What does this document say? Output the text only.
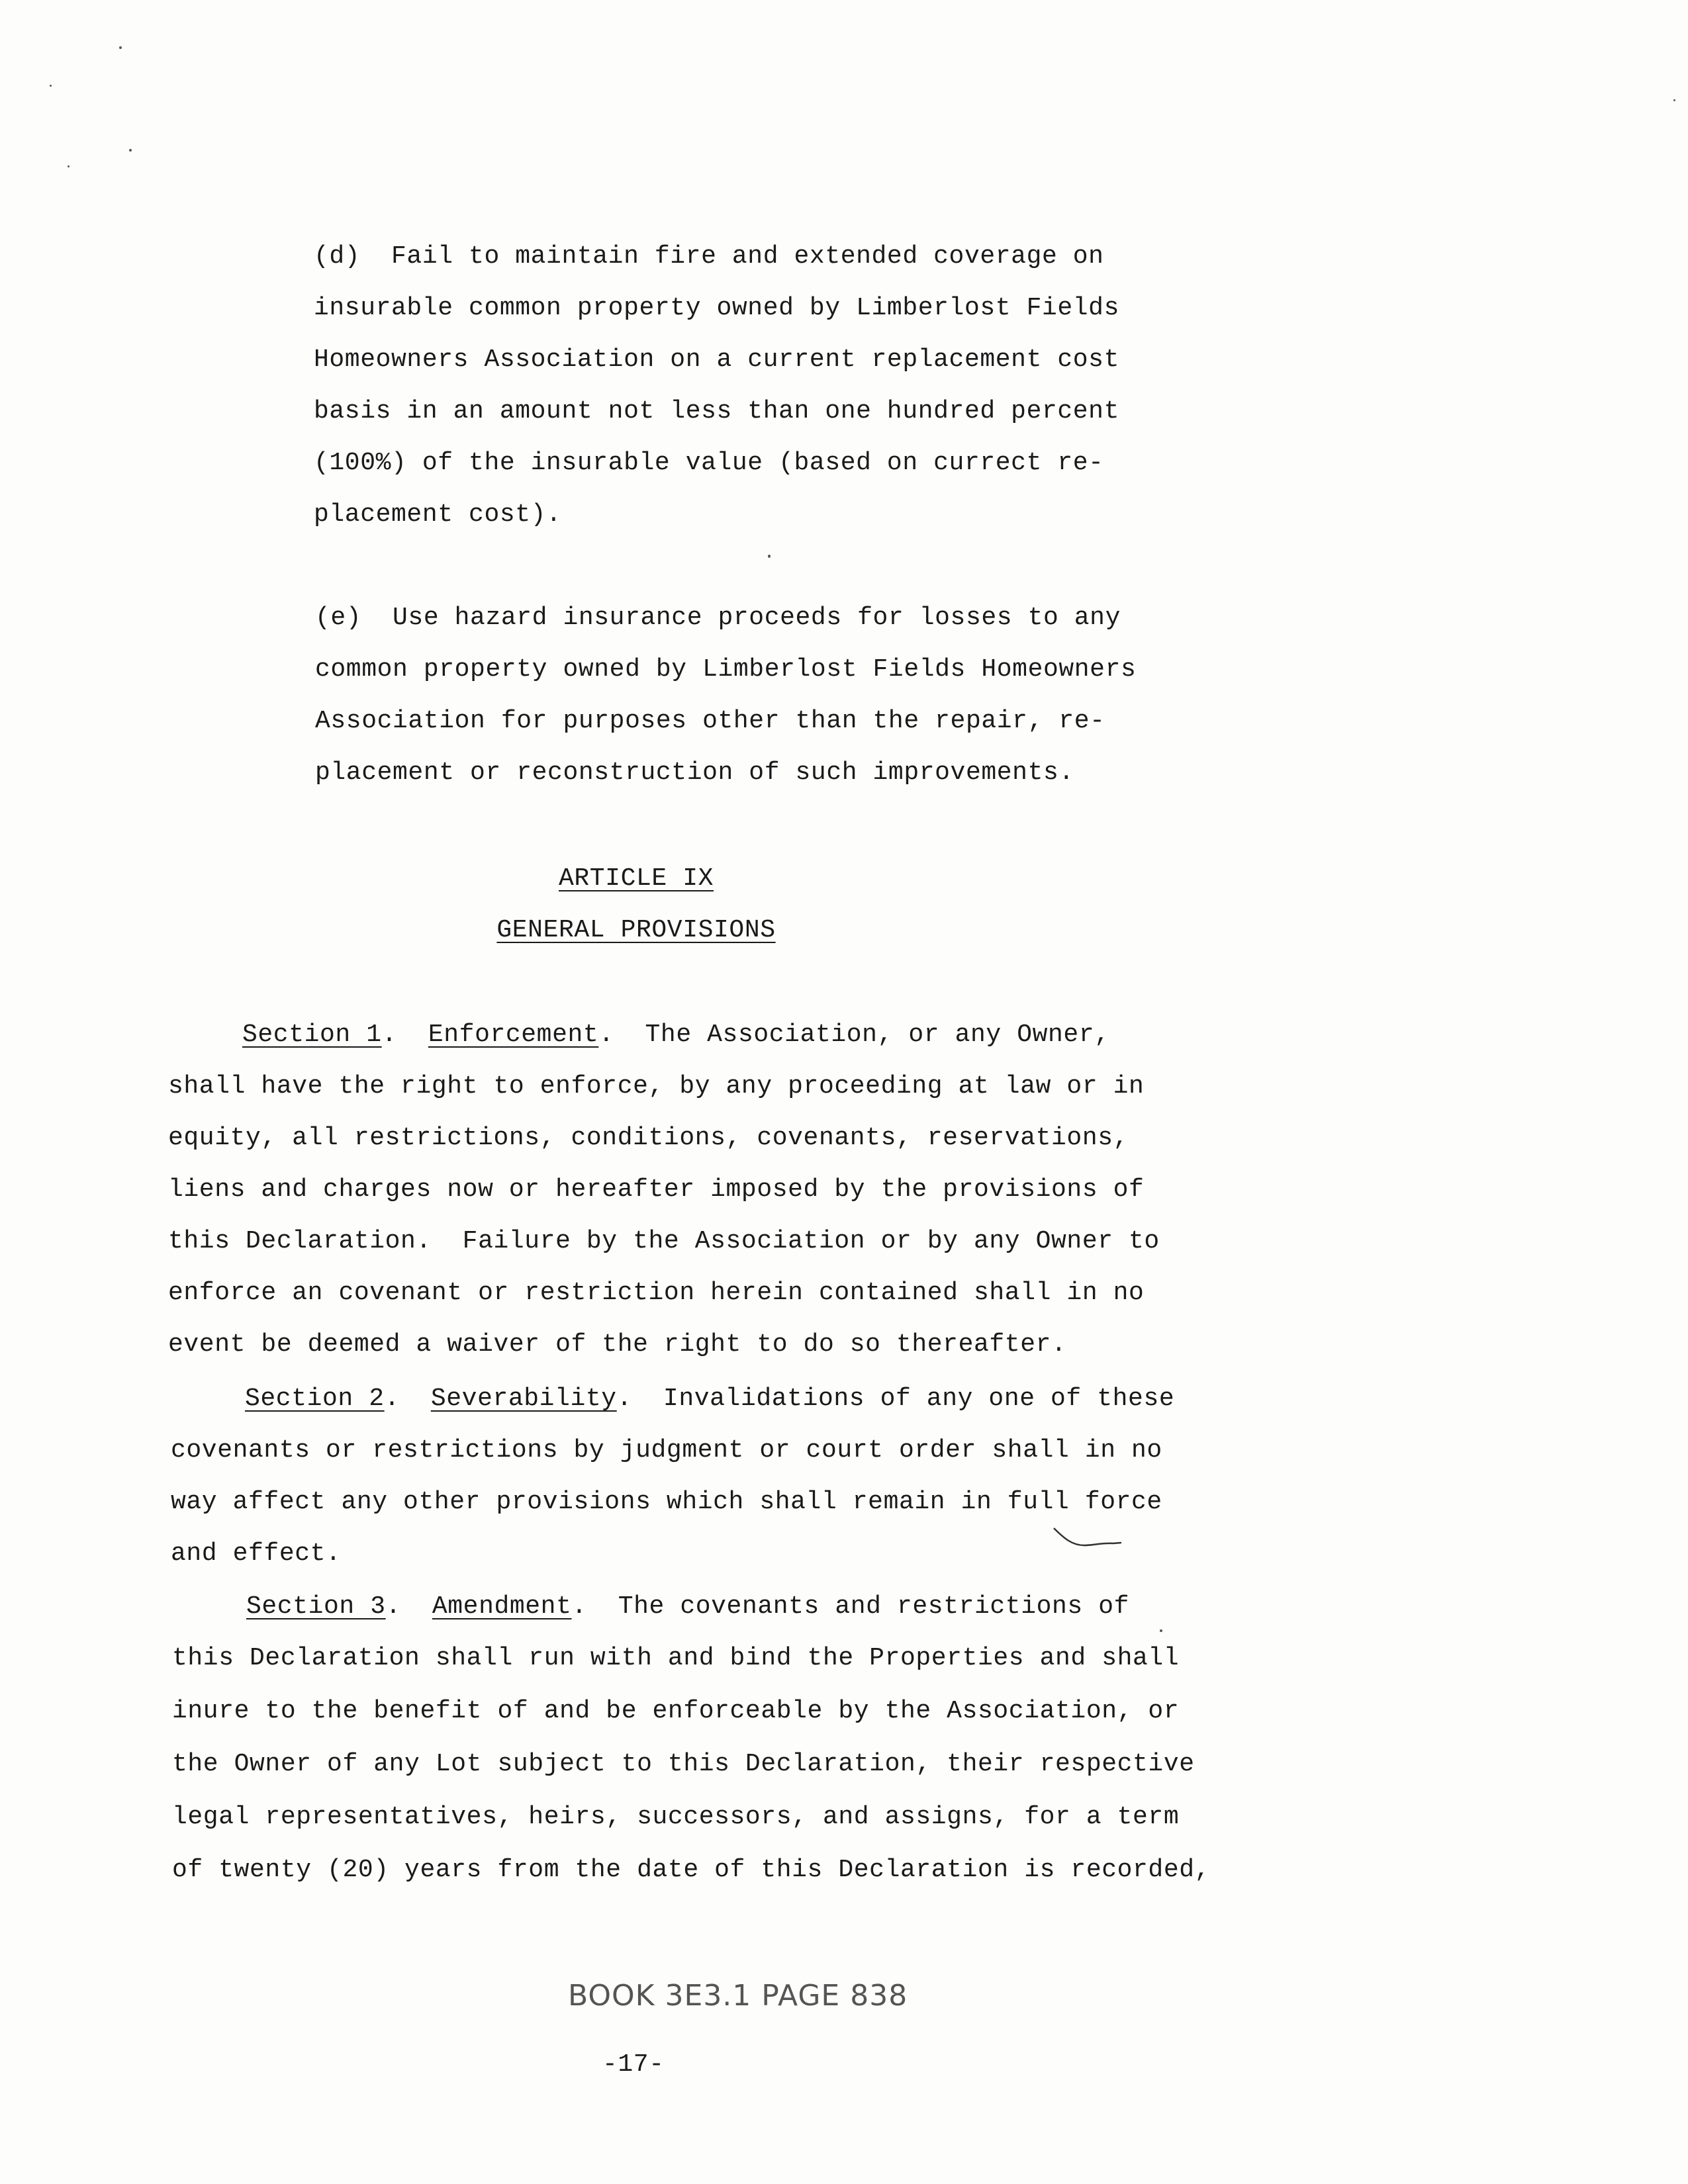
(d)  Fail to maintain fire and extended coverage on
insurable common property owned by Limberlost Fields
Homeowners Association on a current replacement cost
basis in an amount not less than one hundred percent
(100%) of the insurable value (based on currect re-
placement cost).
(e)  Use hazard insurance proceeds for losses to any
common property owned by Limberlost Fields Homeowners
Association for purposes other than the repair, re-
placement or reconstruction of such improvements.
ARTICLE IX
GENERAL PROVISIONS
Section 1.  Enforcement.  The Association, or any Owner,
shall have the right to enforce, by any proceeding at law or in
equity, all restrictions, conditions, covenants, reservations,
liens and charges now or hereafter imposed by the provisions of
this Declaration.  Failure by the Association or by any Owner to
enforce an covenant or restriction herein contained shall in no
event be deemed a waiver of the right to do so thereafter.
Section 2.  Severability.  Invalidations of any one of these
covenants or restrictions by judgment or court order shall in no
way affect any other provisions which shall remain in full force
and effect.
Section 3.  Amendment.  The covenants and restrictions of
this Declaration shall run with and bind the Properties and shall
inure to the benefit of and be enforceable by the Association, or
the Owner of any Lot subject to this Declaration, their respective
legal representatives, heirs, successors, and assigns, for a term
of twenty (20) years from the date of this Declaration is recorded,
BOOK 3E3.1 PAGE 838
-17-
